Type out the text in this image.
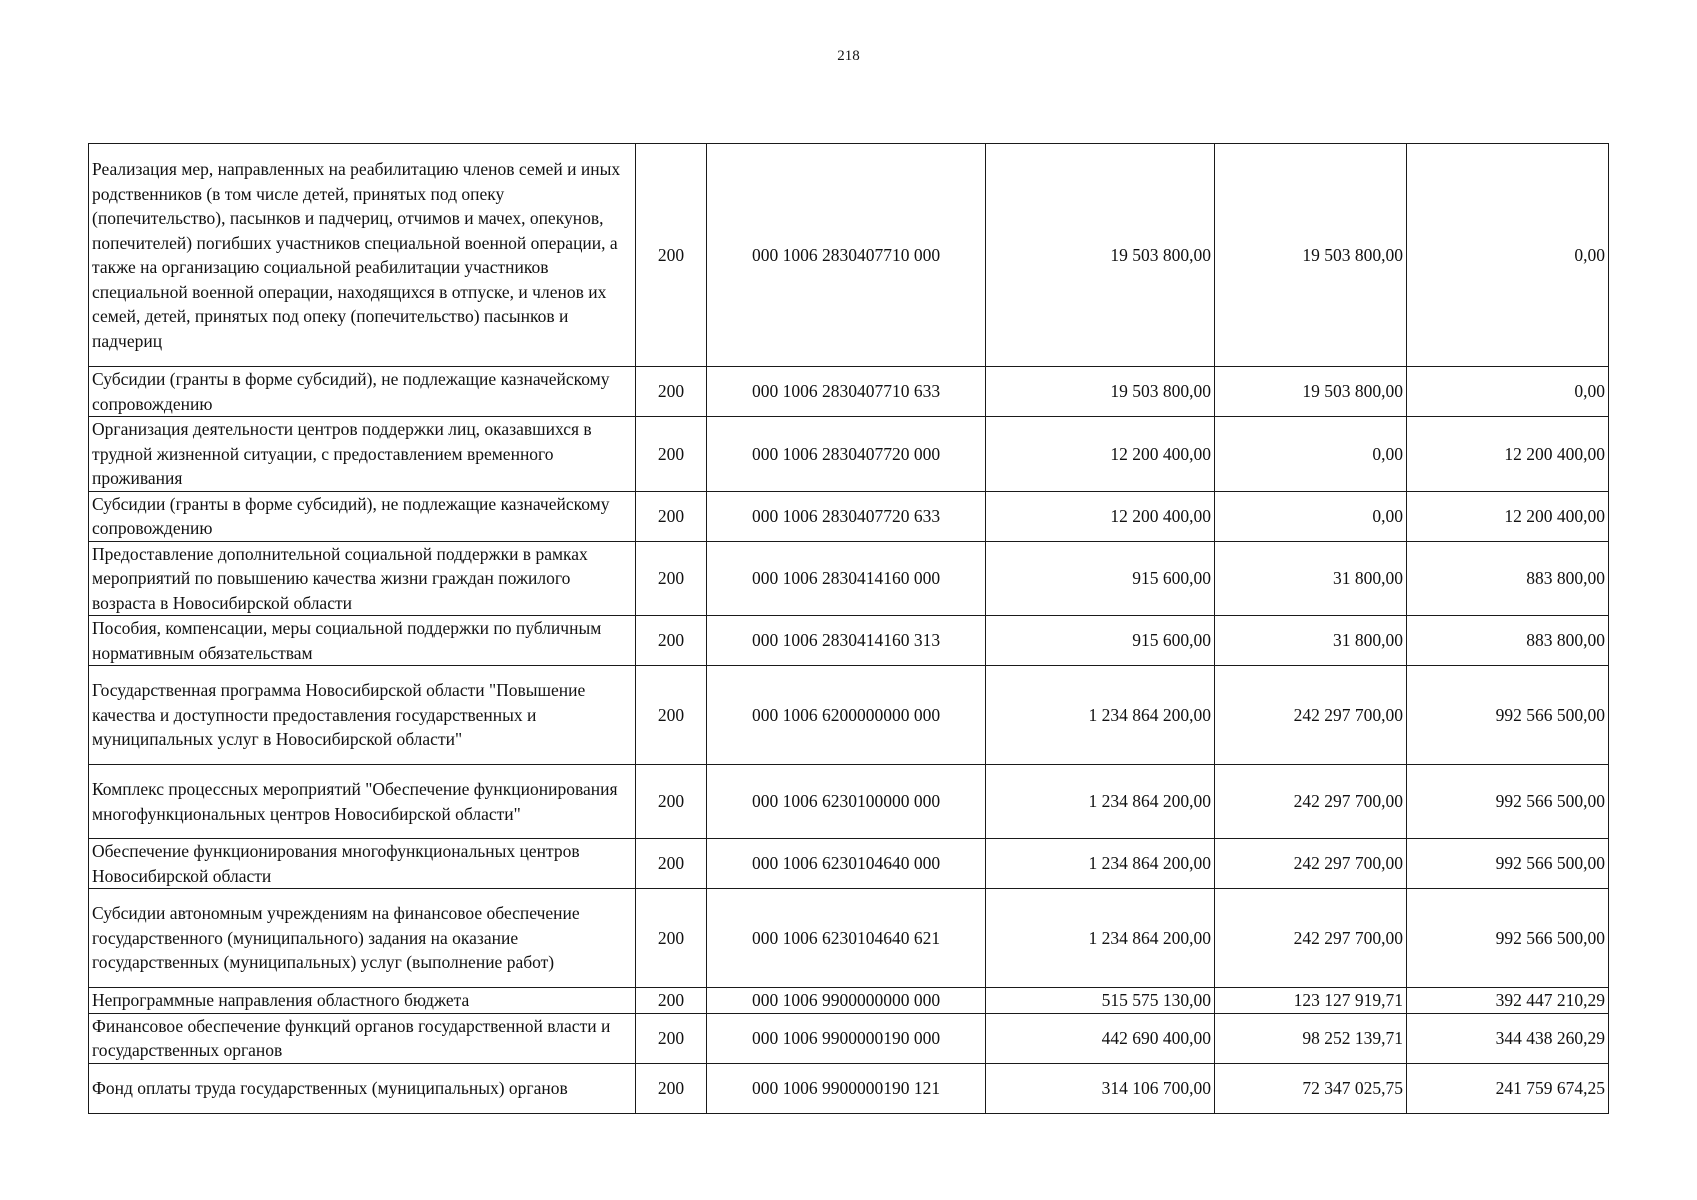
218
Реализация мер, направленных на реабилитацию членов семей и иных родственников (в том числе детей, принятых под опеку (попечительство), пасынков и падчериц, отчимов и мачех, опекунов, попечителей) погибших участников специальной военной операции, а также на организацию социальной реабилитации участников специальной военной операции, находящихся в отпуске, и членов их семей, детей, принятых под опеку (попечительство) пасынков и падчериц	200	000 1006 2830407710 000	19 503 800,00	19 503 800,00	0,00
Субсидии (гранты в форме субсидий), не подлежащие казначейскому сопровождению	200	000 1006 2830407710 633	19 503 800,00	19 503 800,00	0,00
Организация деятельности центров поддержки лиц, оказавшихся в трудной жизненной ситуации, с предоставлением временного проживания	200	000 1006 2830407720 000	12 200 400,00	0,00	12 200 400,00
Субсидии (гранты в форме субсидий), не подлежащие казначейскому сопровождению	200	000 1006 2830407720 633	12 200 400,00	0,00	12 200 400,00
Предоставление дополнительной социальной поддержки в рамках мероприятий по повышению качества жизни граждан пожилого возраста в Новосибирской области	200	000 1006 2830414160 000	915 600,00	31 800,00	883 800,00
Пособия, компенсации, меры социальной поддержки по публичным нормативным обязательствам	200	000 1006 2830414160 313	915 600,00	31 800,00	883 800,00
Государственная программа Новосибирской области "Повышение качества и доступности предоставления государственных и муниципальных услуг в Новосибирской области"	200	000 1006 6200000000 000	1 234 864 200,00	242 297 700,00	992 566 500,00
Комплекс процессных мероприятий "Обеспечение функционирования многофункциональных центров Новосибирской области"	200	000 1006 6230100000 000	1 234 864 200,00	242 297 700,00	992 566 500,00
Обеспечение функционирования многофункциональных центров Новосибирской области	200	000 1006 6230104640 000	1 234 864 200,00	242 297 700,00	992 566 500,00
Субсидии автономным учреждениям на финансовое обеспечение государственного (муниципального) задания на оказание государственных (муниципальных) услуг (выполнение работ)	200	000 1006 6230104640 621	1 234 864 200,00	242 297 700,00	992 566 500,00
Непрограммные направления областного бюджета	200	000 1006 9900000000 000	515 575 130,00	123 127 919,71	392 447 210,29
Финансовое обеспечение функций органов государственной власти и государственных органов	200	000 1006 9900000190 000	442 690 400,00	98 252 139,71	344 438 260,29
Фонд оплаты труда государственных (муниципальных) органов	200	000 1006 9900000190 121	314 106 700,00	72 347 025,75	241 759 674,25
